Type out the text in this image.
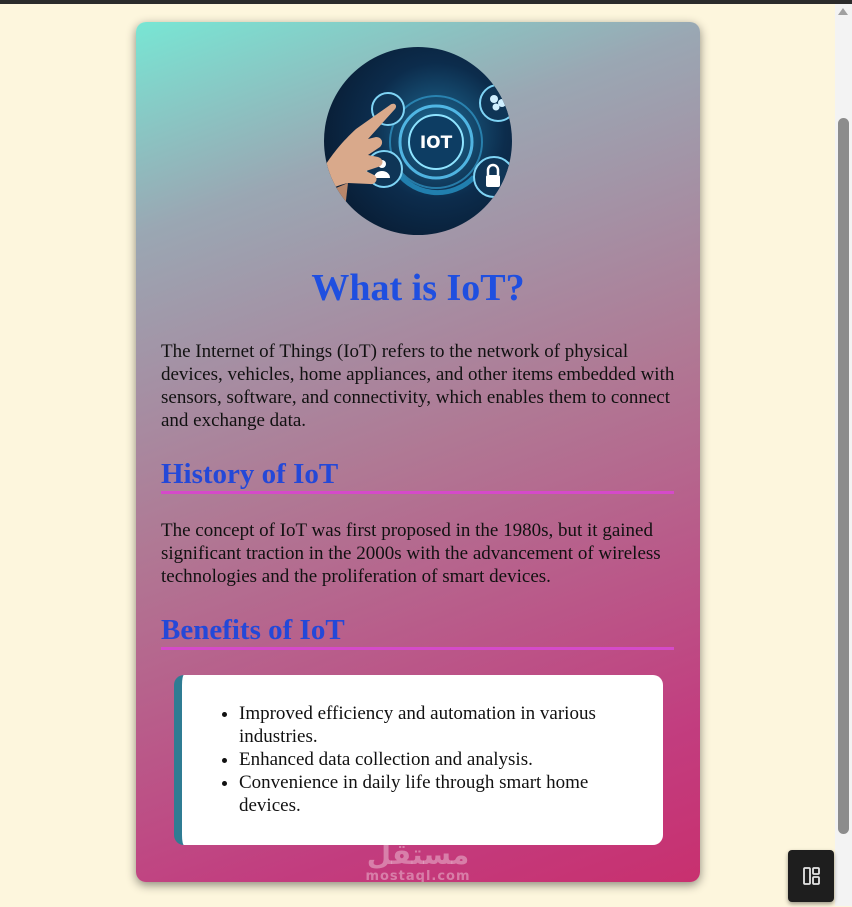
IOT
What is IoT?

The Internet of Things (IoT) refers to the network of physical devices, vehicles, home appliances, and other items embedded with sensors, software, and connectivity, which enables them to connect and exchange data.

History of IoT

The concept of IoT was first proposed in the 1980s, but it gained significant traction in the 2000s with the advancement of wireless technologies and the proliferation of smart devices.

Benefits of IoT
• Improved efficiency and automation in various industries.
• Enhanced data collection and analysis.
• Convenience in daily life through smart home devices.
مستقل
mostaql.com
